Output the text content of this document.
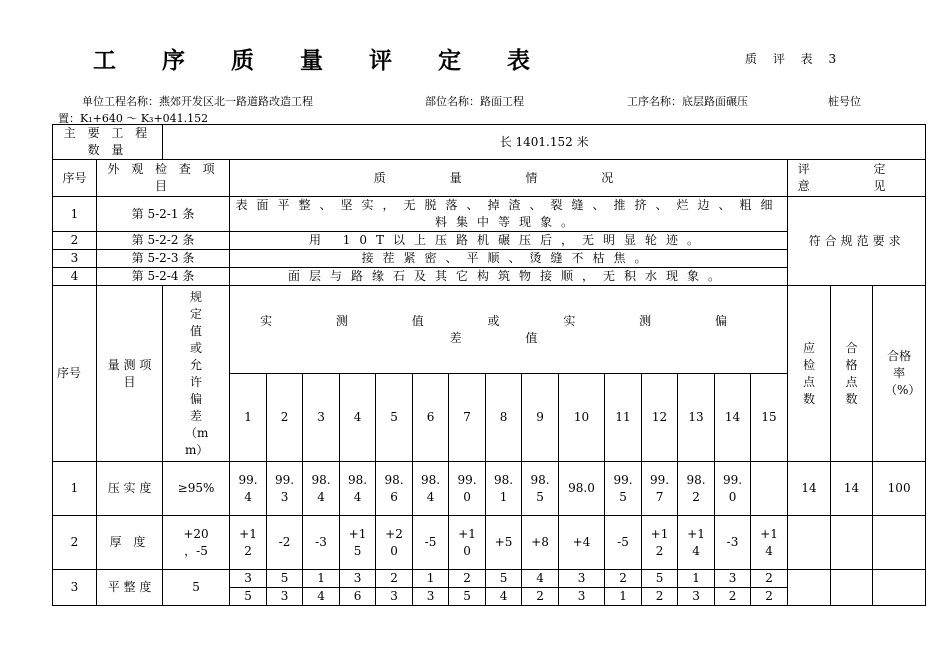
工 序 质 量 评 定 表	质 评 表 3
单位工程名称：燕郊开发区北一路道路改造工程	部位名称：路面工程	工序名称：底层路面碾压	桩号位
置：K₁+640 ～ K₃+041.152
主 要 工 程 数 量		长 1401.152 米																		
序号	外 观 检 查 项 目		质 量 情 况															评 定 意 见		
1	第 5-2-1 条		表面平整、坚实，无脱落、掉渣、裂缝、推挤、烂边、粗细料集中等现象。															符合规范要求		
2	第 5-2-2 条		用 10T以上压路机碾压后，无明显轮迹。																	
3	第 5-2-3 条		接茬紧密、平顺、烫缝不枯焦。																	
4	第 5-2-4 条		面层与路缘石及其它构筑物接顺，无积水现象。																	
序号	量 测 项 目	规定值或允许偏差（mm）	实 测 值 或 实 测 偏 差 值															应检点数	合格点数	合格率（%）
			1	2	3	4	5	6	7	8	9	10	11	12	13	14	15			
1	压 实 度	≥95%	99.4	99.3	98.4	98.4	98.6	98.4	99.0	98.1	98.5	98.0	99.5	99.7	98.2	99.0		14	14	100
2	厚 度	+20 ，-5	+12	-2	-3	+15	+20	-5	+10	+5	+8	+4	-5	+12	+14	-3	+14			
3	平 整 度	5	3	5	1	3	2	1	2	5	4	3	2	5	1	3	2			
			5	3	4	6	3	3	5	4	2	3	1	2	3	2	2			
